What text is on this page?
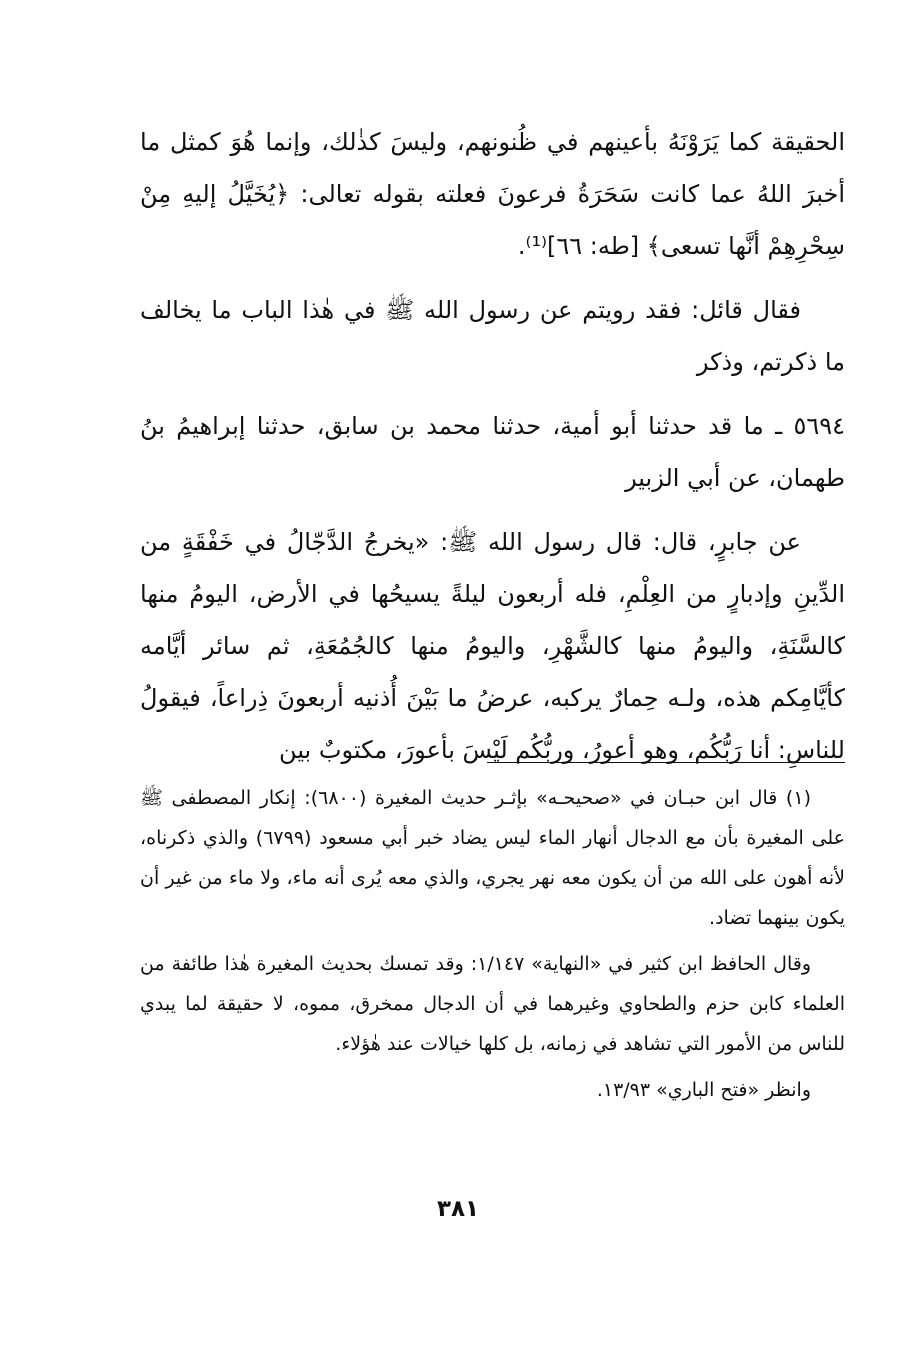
الحقيقة كما يَرَوْنَهُ بأعينهم في ظُنونهم، وليسَ كذٰلك، وإنما هُوَ كمثل ما أخبرَ اللهُ عما كانت سَحَرَةُ فرعونَ فعلته بقوله تعالى: ﴿يُخَيَّلُ إليهِ مِنْ سِحْرِهِمْ أنَّها تسعى﴾ [طه: ٦٦]⁽¹⁾.

فقال قائل: فقد رويتم عن رسول الله ﷺ في هٰذا الباب ما يخالف ما ذكرتم، وذكر

٥٦٩٤ ـ ما قد حدثنا أبو أمية، حدثنا محمد بن سابق، حدثنا إبراهيمُ بنُ طهمان، عن أبي الزبير

عن جابرٍ، قال: قال رسول الله ﷺ: «يخرجُ الدَّجّالُ في خَفْقَةٍ من الدِّينِ وإدبارٍ من العِلْمِ، فله أربعون ليلةً يسيحُها في الأرض، اليومُ منها كالسَّنَةِ، واليومُ منها كالشَّهْرِ، واليومُ منها كالجُمُعَةِ، ثم سائر أيَّامه كأيَّامِكم هذه، ولـه حِمارٌ يركبه، عرضُ ما بَيْنَ أُذنيه أربعونَ ذِراعاً، فيقولُ للناسِ: أنا رَبُّكُم، وهو أعورُ، وربُّكُم لَيْسَ بأعورَ، مكتوبٌ بين

(١) قال ابن حبـان في «صحيحـه» بإثـر حديث المغيرة (٦٨٠٠): إنكار المصطفى ﷺ على المغيرة بأن مع الدجال أنهار الماء ليس يضاد خبر أبي مسعود (٦٧٩٩) والذي ذكرناه، لأنه أهون على الله من أن يكون معه نهر يجري، والذي معه يُرى أنه ماء، ولا ماء من غير أن يكون بينهما تضاد.

وقال الحافظ ابن كثير في «النهاية» ١/١٤٧: وقد تمسك بحديث المغيرة هٰذا طائفة من العلماء كابن حزم والطحاوي وغيرهما في أن الدجال ممخرق، مموه، لا حقيقة لما يبدي للناس من الأمور التي تشاهد في زمانه، بل كلها خيالات عند هٰؤلاء.

وانظر «فتح الباري» ١٣/٩٣.

٣٨١
